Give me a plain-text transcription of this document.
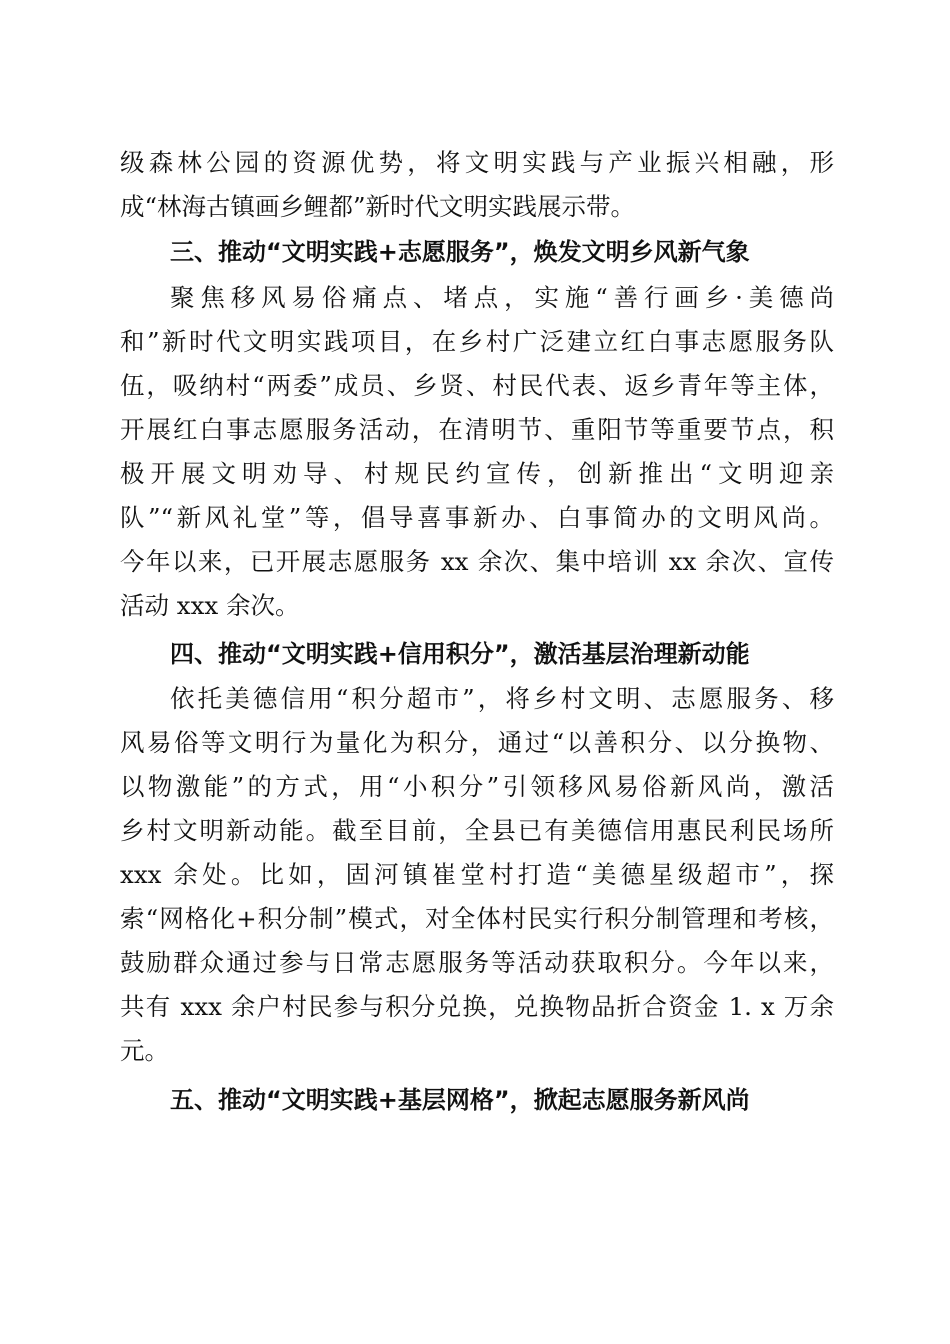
级森林公园的资源优势，将文明实践与产业振兴相融，形
成“林海古镇画乡鲤都”新时代文明实践展示带。
三、推动“文明实践+志愿服务”，焕发文明乡风新气象
聚焦移风易俗痛点、堵点，实施“善行画乡·美德尚
和”新时代文明实践项目，在乡村广泛建立红白事志愿服务队
伍，吸纳村“两委”成员、乡贤、村民代表、返乡青年等主体，
开展红白事志愿服务活动，在清明节、重阳节等重要节点，积
极开展文明劝导、村规民约宣传，创新推出“文明迎亲
队”“新风礼堂”等，倡导喜事新办、白事简办的文明风尚。
今年以来，已开展志愿服务 xx 余次、集中培训 xx 余次、宣传
活动 xxx 余次。
四、推动“文明实践+信用积分”，激活基层治理新动能
依托美德信用“积分超市”，将乡村文明、志愿服务、移
风易俗等文明行为量化为积分，通过“以善积分、以分换物、
以物激能”的方式，用“小积分”引领移风易俗新风尚，激活
乡村文明新动能。截至目前，全县已有美德信用惠民利民场所
xxx 余处。比如，固河镇崔堂村打造“美德星级超市”，探
索“网格化+积分制”模式，对全体村民实行积分制管理和考核，
鼓励群众通过参与日常志愿服务等活动获取积分。今年以来，
共有 xxx 余户村民参与积分兑换，兑换物品折合资金 1. x 万余
元。
五、推动“文明实践+基层网格”，掀起志愿服务新风尚
